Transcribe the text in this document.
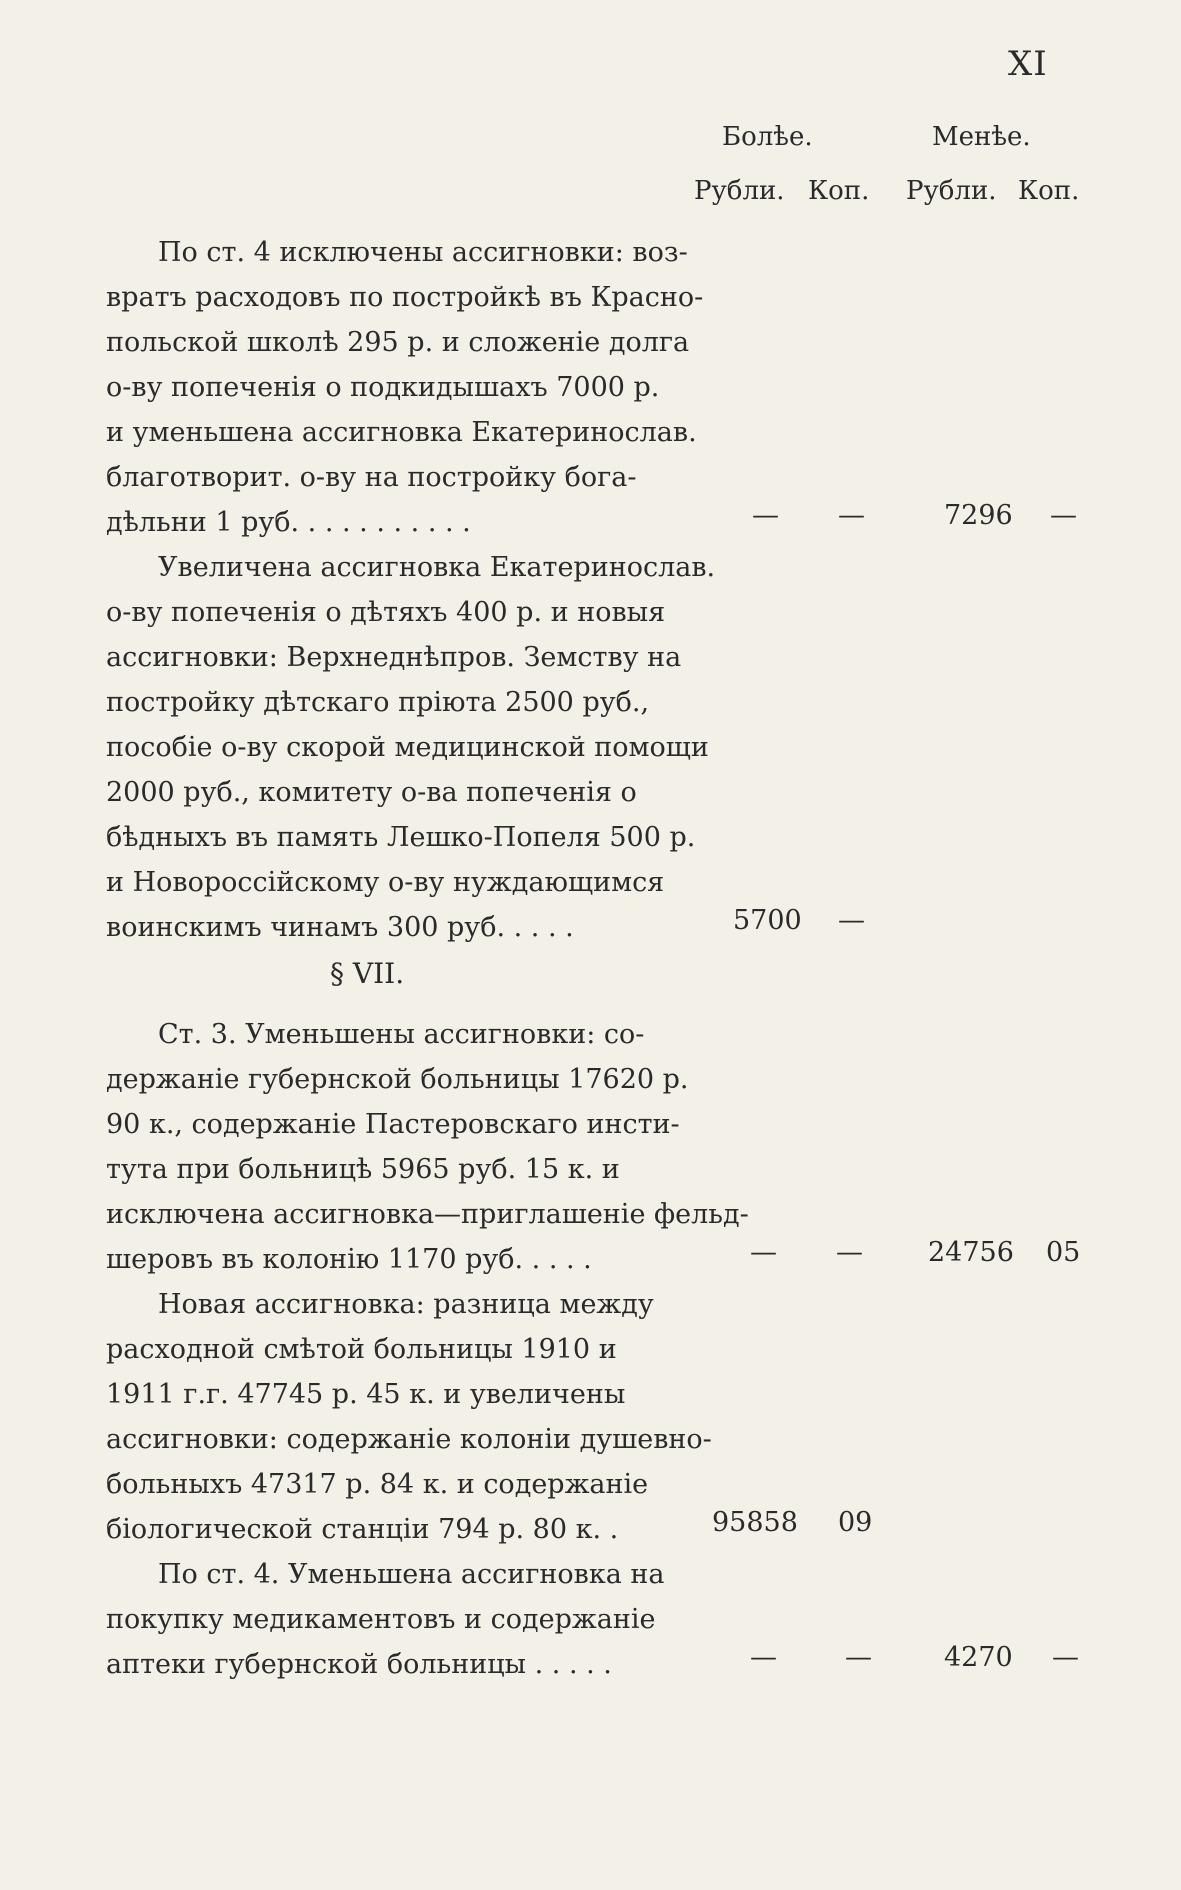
XI
Болѣе.	Менѣе.
Рубли. Коп. Рубли. Коп.
По ст. 4 исключены ассигновки: воз-
вратъ расходовъ по постройкѣ въ Красно-
польской школѣ 295 р. и сложеніе долга
о-ву попеченія о подкидышахъ 7000 р.
и уменьшена ассигновка Екатеринослав.
благотворит. о-ву на постройку бога-
дѣльни 1 руб. . . . . . . . . . .	— —	7296 —
Увеличена ассигновка Екатеринослав.
о-ву попеченія о дѣтяхъ 400 р. и новыя
ассигновки: Верхнеднѣпров. Земству на
постройку дѣтскаго пріюта 2500 руб.,
пособіе о-ву скорой медицинской помощи
2000 руб., комитету о-ва попеченія о
бѣдныхъ въ память Лешко-Попеля 500 р.
и Новороссійскому о-ву нуждающимся
воинскимъ чинамъ 300 руб. . . . .	5700 —
§ VII.
Ст. 3. Уменьшены ассигновки: со-
держаніе губернской больницы 17620 р.
90 к., содержаніе Пастеровскаго инсти-
тута при больницѣ 5965 руб. 15 к. и
исключена ассигновка—приглашеніе фельд-
шеровъ въ колонію 1170 руб. . . . .	— — 24756 05
Новая ассигновка: разница между
расходной смѣтой больницы 1910 и
1911 г.г. 47745 р. 45 к. и увеличены
ассигновки: содержаніе колоніи душевно-
больныхъ 47317 р. 84 к. и содержаніе
біологической станціи 794 р. 80 к. .	95858 09
По ст. 4. Уменьшена ассигновка на
покупку медикаментовъ и содержаніе
аптеки губернской больницы . . . . .	—	—	4270 —
